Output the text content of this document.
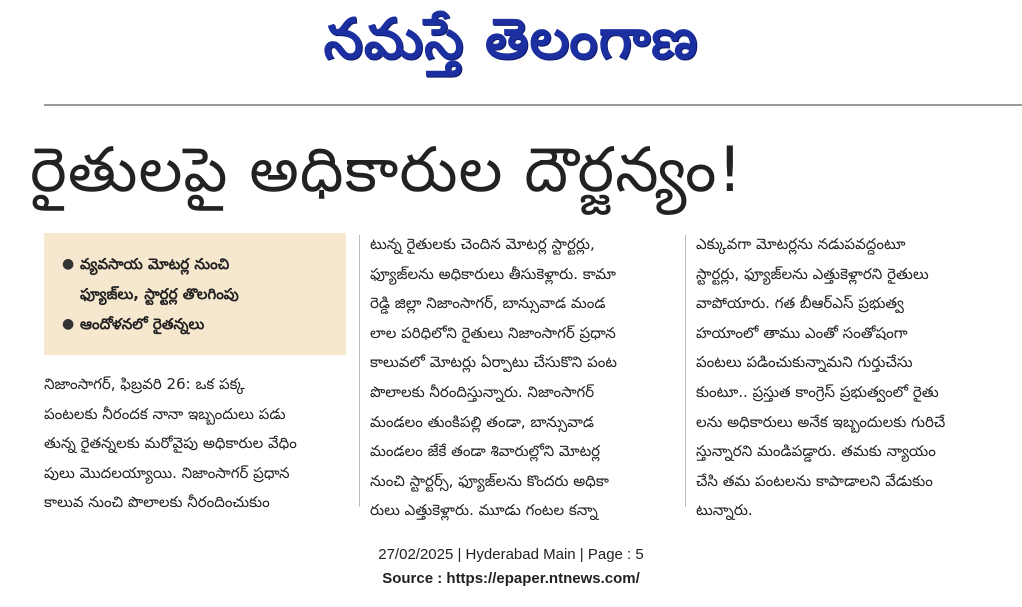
నమస్తే తెలంగాణ
రైతులపై అధికారుల దౌర్జన్యం!
● వ్యవసాయ మోటర్ల నుంచి
ఫ్యూజ్‌లు, స్టార్టర్ల తొలగింపు
● ఆందోళనలో రైతన్నలు
నిజాంసాగర్, ఫిబ్రవరి 26: ఒక పక్క
పంటలకు నీరందక నానా ఇబ్బందులు పడు
తున్న రైతన్నలకు మరోవైపు అధికారుల వేధిం
పులు మొదలయ్యాయి. నిజాంసాగర్ ప్రధాన
కాలువ నుంచి పొలాలకు నీరందించుకుం
టున్న రైతులకు చెందిన మోటర్ల స్టార్టర్లు,
ఫ్యూజ్‌లను అధికారులు తీసుకెళ్లారు. కామా
రెడ్డి జిల్లా నిజాంసాగర్, బాన్సువాడ మండ
లాల పరిధిలోని రైతులు నిజాంసాగర్ ప్రధాన
కాలువలో మోటర్లు ఏర్పాటు చేసుకొని పంట
పొలాలకు నీరందిస్తున్నారు. నిజాంసాగర్
మండలం తుంకిపల్లి తండా, బాన్సువాడ
మండలం జేకే తండా శివారుల్లోని మోటర్ల
నుంచి స్టార్టర్స్, ఫ్యూజ్‌లను కొందరు అధికా
రులు ఎత్తుకెళ్లారు. మూడు గంటల కన్నా
ఎక్కువగా మోటర్లను నడుపవద్దంటూ
స్టార్టర్లు, ఫ్యూజ్‌లను ఎత్తుకెళ్లారని రైతులు
వాపోయారు. గత బీఆర్‌ఎస్ ప్రభుత్వ
హయాంలో తాము ఎంతో సంతోషంగా
పంటలు పడించుకున్నామని గుర్తుచేసు
కుంటూ.. ప్రస్తుత కాంగ్రెస్ ప్రభుత్వంలో రైతు
లను అధికారులు అనేక ఇబ్బందులకు గురిచే
స్తున్నారని మండిపడ్డారు. తమకు న్యాయం
చేసి తమ పంటలను కాపాడాలని వేడుకుం
టున్నారు.
27/02/2025 | Hyderabad Main | Page : 5
Source : https://epaper.ntnews.com/
